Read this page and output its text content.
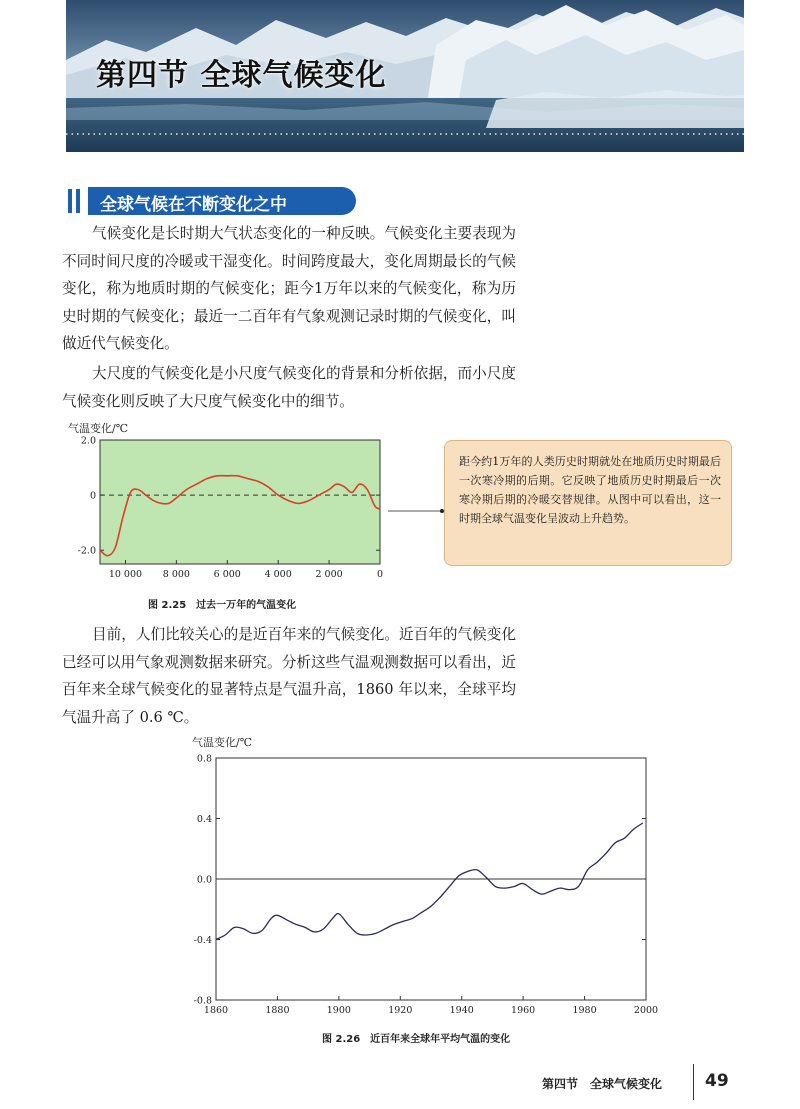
第四节 全球气候变化
全球气候在不断变化之中
气候变化是长时期大气状态变化的一种反映。气候变化主要表现为不同时间尺度的冷暖或干湿变化。时间跨度最大，变化周期最长的气候变化，称为地质时期的气候变化；距今1万年以来的气候变化，称为历史时期的气候变化；最近一二百年有气象观测记录时期的气候变化，叫做近代气候变化。
大尺度的气候变化是小尺度气候变化的背景和分析依据，而小尺度气候变化则反映了大尺度气候变化中的细节。
气温变化/℃
2.0
0
-2.0
10 000 8 000 6 000 4 000 2 000	0
图 2.25　过去一万年的气温变化
距今约1万年的人类历史时期就处在地质历史时期最后一次寒冷期的后期。它反映了地质历史时期最后一次寒冷期后期的冷暖交替规律。从图中可以看出，这一时期全球气温变化呈波动上升趋势。
目前，人们比较关心的是近百年来的气候变化。近百年的气候变化已经可以用气象观测数据来研究。分析这些气温观测数据可以看出，近百年来全球气候变化的显著特点是气温升高，1860 年以来，全球平均气温升高了 0.6 ℃。
气温变化/℃
0.8
0.4
0.0
-0.4
-0.8
1860	1880	1900	1920	1940	1960	1980	2000
图 2.26　近百年来全球年平均气温的变化
第四节　全球气候变化	49
